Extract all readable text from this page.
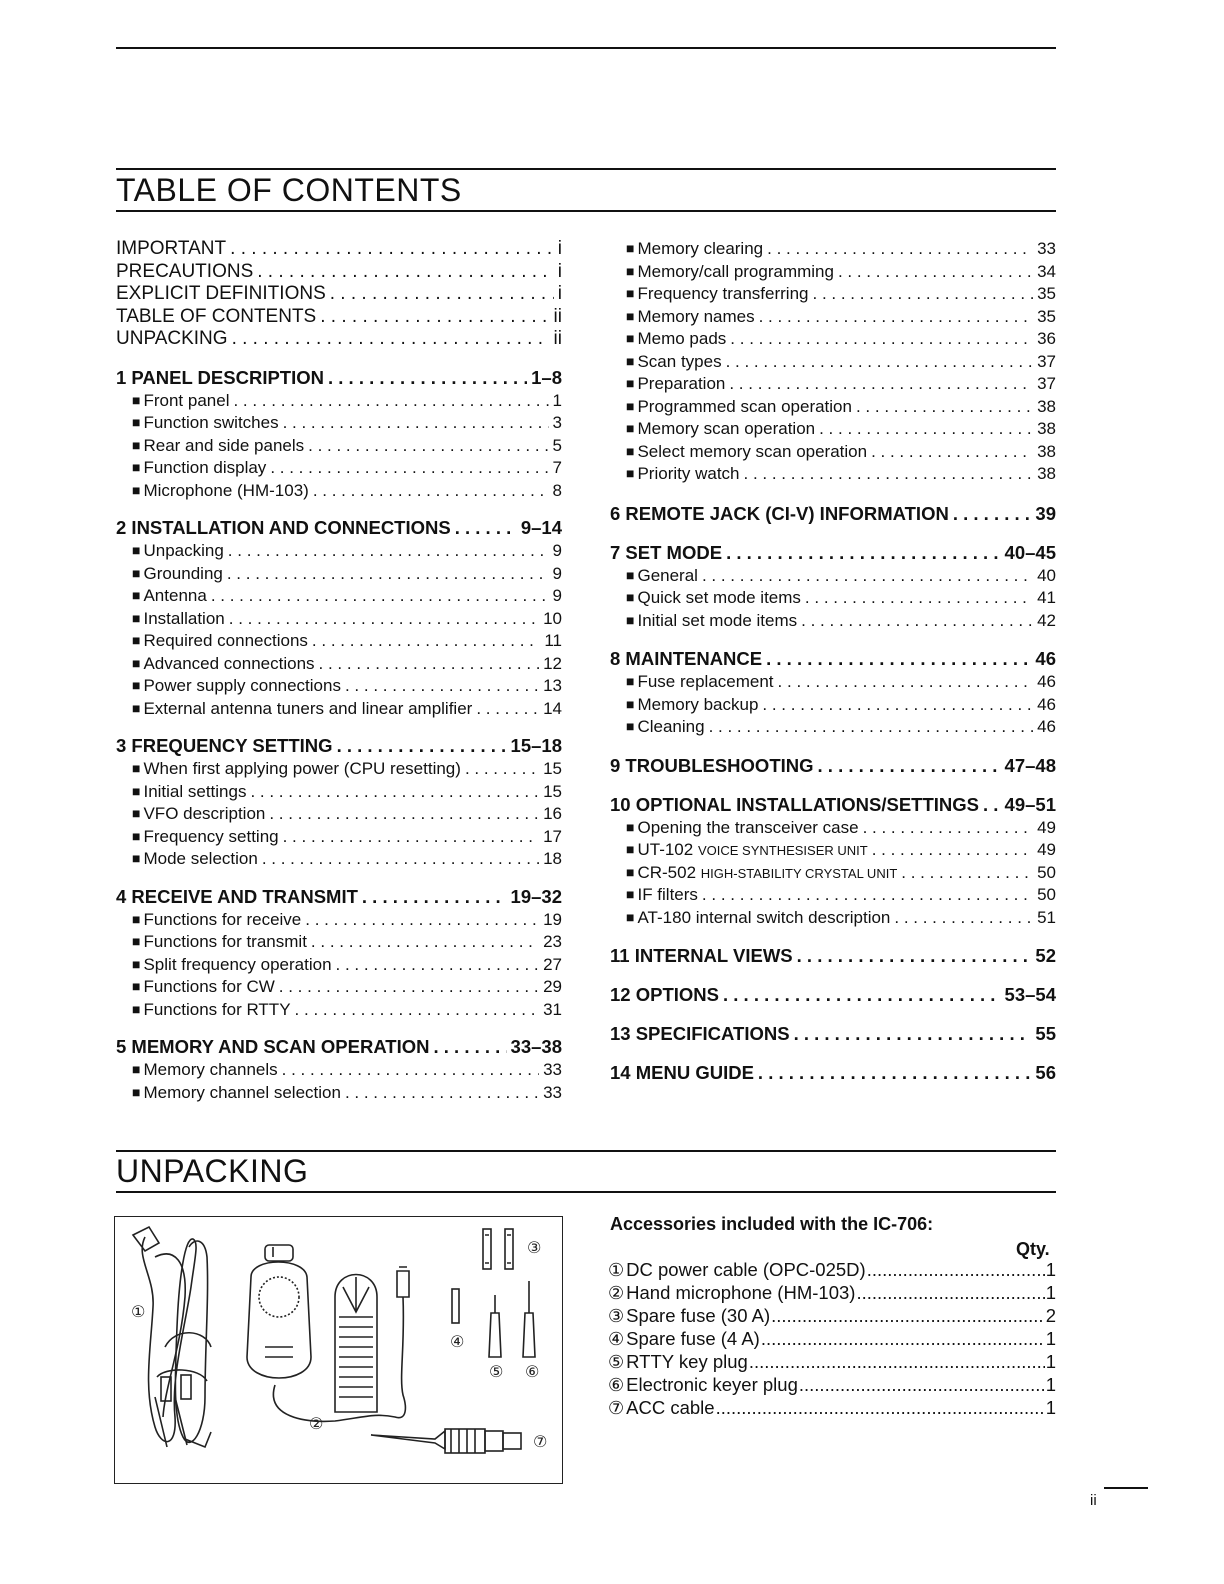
TABLE OF CONTENTS
IMPORTANT . . .	i
PRECAUTIONS . . .	i
EXPLICIT DEFINITIONS . . .	i
TABLE OF CONTENTS . . .	ii
UNPACKING . . .	ii
1 PANEL DESCRIPTION . . .	1–8
■ Front panel . . .	1
■ Function switches . . .	3
■ Rear and side panels . . .	5
■ Function display . . .	7
■ Microphone (HM-103) . . .	8
2 INSTALLATION AND CONNECTIONS . . .	9–14
■ Unpacking . . .	9
■ Grounding . . .	9
■ Antenna . . .	9
■ Installation . . .	10
■ Required connections . . .	11
■ Advanced connections . . .	12
■ Power supply connections . . .	13
■ External antenna tuners and linear amplifier . . .	14
3 FREQUENCY SETTING . . .	15–18
■ When first applying power (CPU resetting) . . .	15
■ Initial settings . . .	15
■ VFO description . . .	16
■ Frequency setting . . .	17
■ Mode selection . . .	18
4 RECEIVE AND TRANSMIT . . .	19–32
■ Functions for receive . . .	19
■ Functions for transmit . . .	23
■ Split frequency operation . . .	27
■ Functions for CW . . .	29
■ Functions for RTTY . . .	31
5 MEMORY AND SCAN OPERATION . . .	33–38
■ Memory channels . . .	33
■ Memory channel selection . . .	33
■ Memory clearing . . .	33
■ Memory/call programming . . .	34
■ Frequency transferring . . .	35
■ Memory names . . .	35
■ Memo pads . . .	36
■ Scan types . . .	37
■ Preparation . . .	37
■ Programmed scan operation . . .	38
■ Memory scan operation . . .	38
■ Select memory scan operation . . .	38
■ Priority watch . . .	38
6 REMOTE JACK (CI-V) INFORMATION . . .	39
7 SET MODE . . .	40–45
■ General . . .	40
■ Quick set mode items . . .	41
■ Initial set mode items . . .	42
8 MAINTENANCE . . .	46
■ Fuse replacement . . .	46
■ Memory backup . . .	46
■ Cleaning . . .	46
9 TROUBLESHOOTING . . .	47–48
10 OPTIONAL INSTALLATIONS/SETTINGS . . . 49–51
■ Opening the transceiver case . . .	49
■ UT-102 VOICE SYNTHESISER UNIT . . .	49
■ CR-502 HIGH-STABILITY CRYSTAL UNIT . . .	50
■ IF filters . . .	50
■ AT-180 internal switch description . . .	51
11 INTERNAL VIEWS . . .	52
12 OPTIONS . . .	53–54
13 SPECIFICATIONS . . .	55
14 MENU GUIDE . . .	56
UNPACKING
①
②
③
④
⑤ ⑥
⑦
Accessories included with the IC-706:
Qty.
① DC power cable (OPC-025D) .....	1
② Hand microphone (HM-103) .....	1
③ Spare fuse (30 A) .....	2
④ Spare fuse (4 A) .....	1
⑤ RTTY key plug .....	1
⑥ Electronic keyer plug .....	1
⑦ ACC cable .....	1
ii
